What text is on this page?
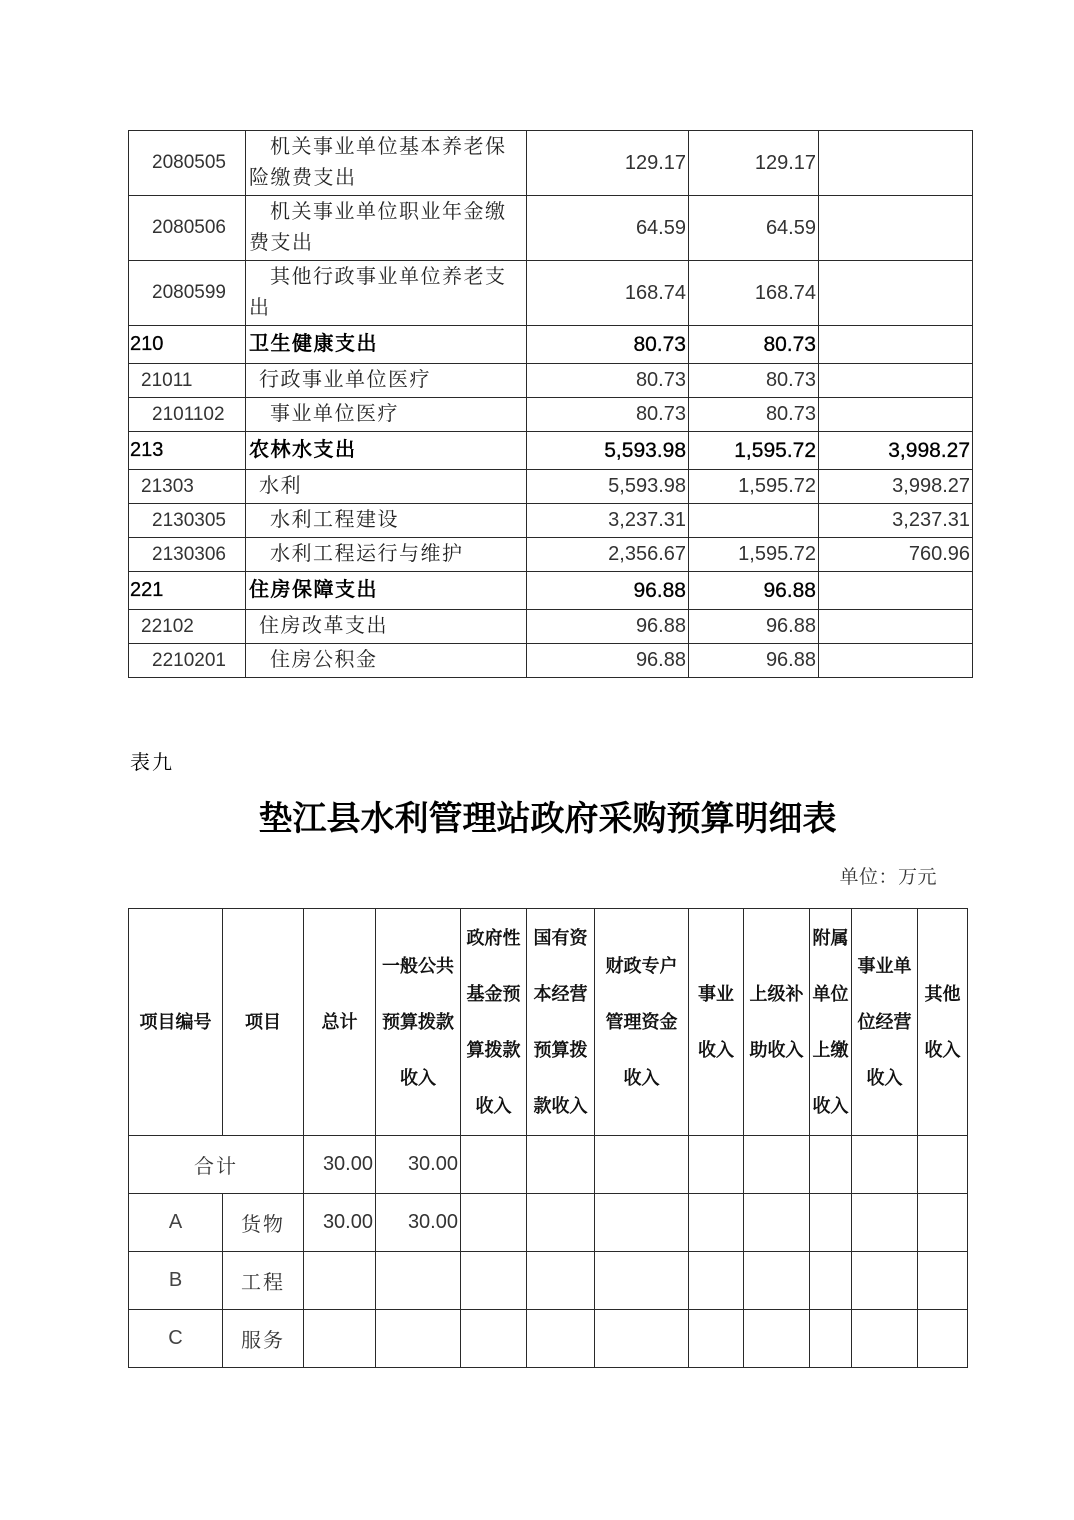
2080505	机关事业单位基本养老保险缴费支出	129.17	129.17	
2080506	机关事业单位职业年金缴费支出	64.59	64.59	
2080599	其他行政事业单位养老支出	168.74	168.74	
210	卫生健康支出	80.73	80.73	
21011	行政事业单位医疗	80.73	80.73	
2101102	事业单位医疗	80.73	80.73	
213	农林水支出	5,593.98	1,595.72	3,998.27
21303	水利	5,593.98	1,595.72	3,998.27
2130305	水利工程建设	3,237.31		3,237.31
2130306	水利工程运行与维护	2,356.67	1,595.72	760.96
221	住房保障支出	96.88	96.88	
22102	住房改革支出	96.88	96.88	
2210201	住房公积金	96.88	96.88	
表九
垫江县水利管理站政府采购预算明细表
单位：万元
项目编号	项目	总计	一般公共预算拨款收入	政府性基金预算拨款收入	国有资本经营预算拨款收入	财政专户管理资金收入	事业收入	上级补助收入	附属单位上缴收入	事业单位经营收入	其他收入
合计		30.00	30.00								
A	货物	30.00	30.00								
B	工程										
C	服务										
